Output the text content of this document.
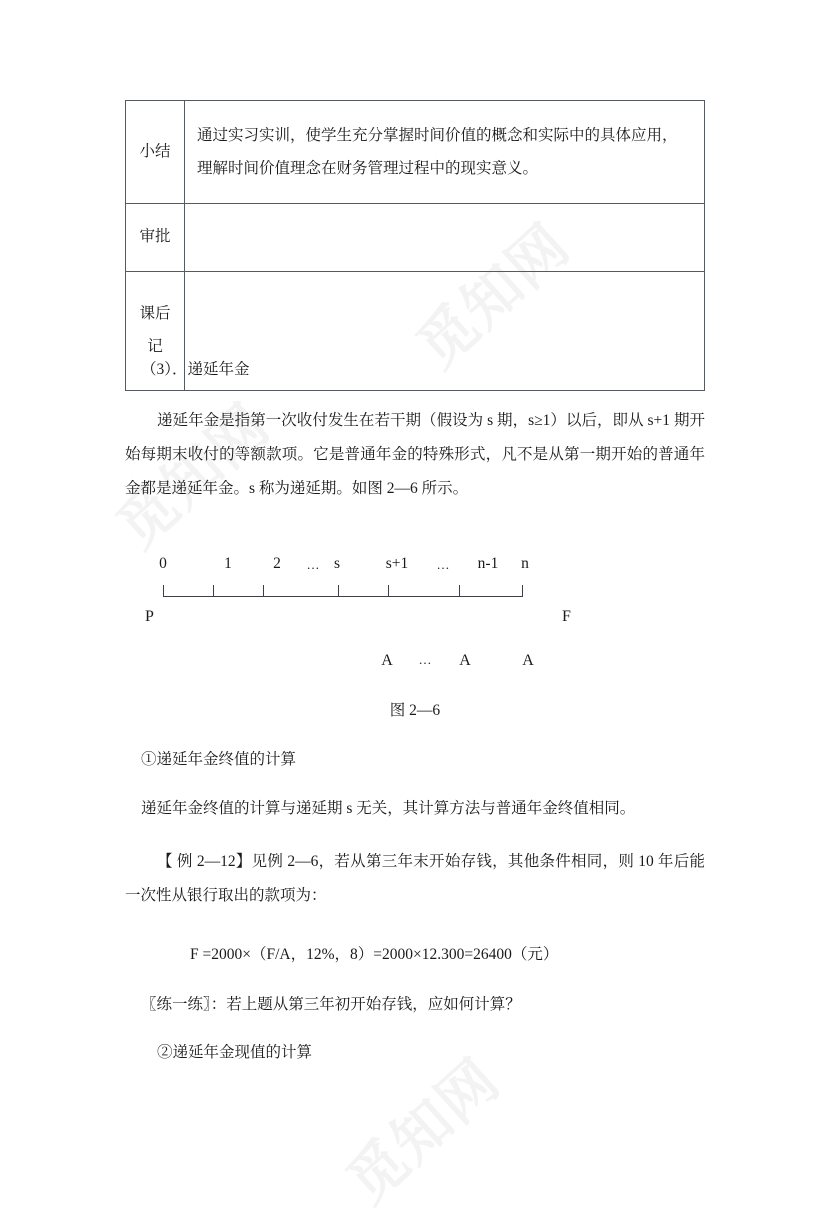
小结	通过实习实训，使学生充分掌握时间价值的概念和实际中的具体应用，
理解时间价值理念在财务管理过程中的现实意义。

审批	

课后
记	

（3）．递延年金
递延年金是指第一次收付发生在若干期（假设为 s 期，s≥1）以后，即从 s+1 期开始每期末收付的等额款项。它是普通年金的特殊形式，凡不是从第一期开始的普通年金都是递延年金。s 称为递延期。如图 2—6 所示。
0	1	2 … s	s+1 … n-1 n
P	F
A … A	A
图 2—6
①递延年金终值的计算
递延年金终值的计算与递延期 s 无关，其计算方法与普通年金终值相同。
【 例 2—12】见例 2—6，若从第三年末开始存钱，其他条件相同，则 10 年后能一次性从银行取出的款项为：
F =2000×（F/A，12%，8）=2000×12.300=26400（元）
〖练一练〗：若上题从第三年初开始存钱，应如何计算？
②递延年金现值的计算
